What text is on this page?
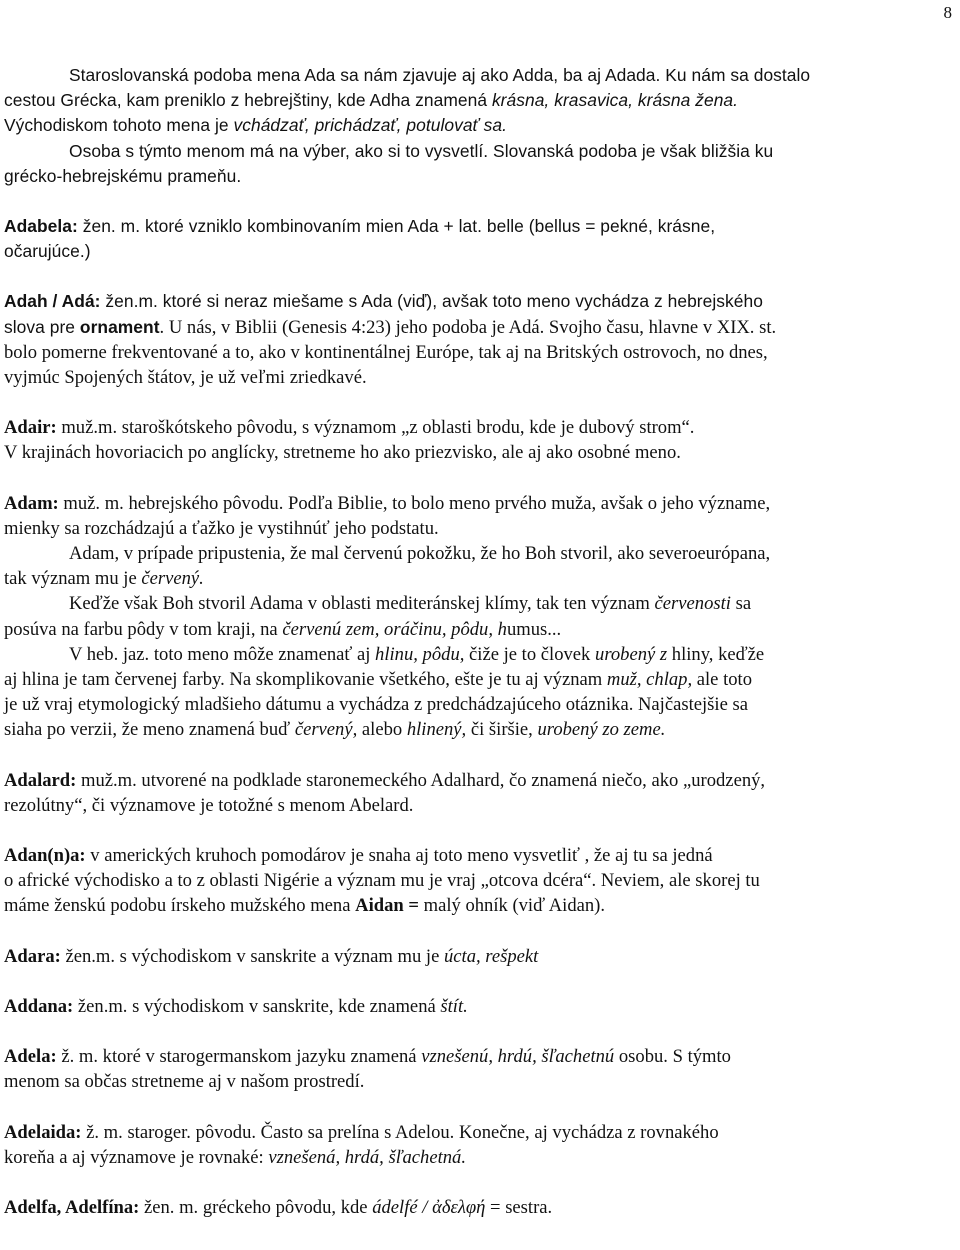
8
Staroslovanská podoba mena Ada sa nám zjavuje aj ako Adda, ba aj Adada. Ku nám sa dostalo
cestou Grécka, kam preniklo z hebrejštiny, kde Adha znamená krásna, krasavica, krásna žena.
Východiskom tohoto mena je vchádzať, prichádzať, potulovať sa.
Osoba s týmto menom má na výber, ako si to vysvetlí. Slovanská podoba je však bližšia ku
grécko-hebrejskému prameňu.
Adabela: žen. m. ktoré vzniklo kombinovaním mien Ada + lat. belle (bellus = pekné, krásne,
očarujúce.)
Adah / Adá: žen.m. ktoré si neraz miešame s Ada (viď), avšak toto meno vychádza z hebrejského
slova pre ornament. U nás, v Biblii (Genesis 4:23) jeho podoba je Adá. Svojho času, hlavne v XIX. st.
bolo pomerne frekventované a to, ako v kontinentálnej Európe, tak aj na Britských ostrovoch, no dnes,
vyjmúc Spojených štátov, je už veľmi zriedkavé.
Adair: muž.m. staroškótskeho pôvodu, s významom „z oblasti brodu, kde je dubový strom“.
V krajinách hovoriacich po anglícky, stretneme ho ako priezvisko, ale aj ako osobné meno.
Adam: muž. m. hebrejského pôvodu. Podľa Biblie, to bolo meno prvého muža, avšak o jeho význame,
mienky sa rozchádzajú a ťažko je vystihnúť jeho podstatu.
Adam, v prípade pripustenia, že mal červenú pokožku, že ho Boh stvoril, ako severoeurópana,
tak význam mu je červený.
Keďže však Boh stvoril Adama v oblasti mediteránskej klímy, tak ten význam červenosti sa
posúva na farbu pôdy v tom kraji, na červenú zem, oráčinu, pôdu, humus...
V heb. jaz. toto meno môže znamenať aj hlinu, pôdu, čiže je to človek urobený z hliny, keďže
aj hlina je tam červenej farby. Na skomplikovanie všetkého, ešte je tu aj význam muž, chlap, ale toto
je už vraj etymologický mladšieho dátumu a vychádza z predchádzajúceho otáznika. Najčastejšie sa
siaha po verzii, že meno znamená buď červený, alebo hlinený, či širšie, urobený zo zeme.
Adalard: muž.m. utvorené na podklade staronemeckého Adalhard, čo znamená niečo, ako „urodzený,
rezolútny“, či významove je totožné s menom Abelard.
Adan(n)a: v amerických kruhoch pomodárov je snaha aj toto meno vysvetliť , že aj tu sa jedná
o africké východisko a to z oblasti Nigérie a význam mu je vraj „otcova dcéra“. Neviem, ale skorej tu
máme ženskú podobu írskeho mužského mena Aidan = malý ohník (viď Aidan).
Adara: žen.m. s východiskom v sanskrite a význam mu je úcta, rešpekt
Addana: žen.m. s východiskom v sanskrite, kde znamená štít.
Adela: ž. m. ktoré v starogermanskom jazyku znamená vznešenú, hrdú, šľachetnú osobu. S týmto
menom sa občas stretneme aj v našom prostredí.
Adelaida: ž. m. staroger. pôvodu. Často sa prelína s Adelou. Konečne, aj vychádza z rovnakého
koreňa a aj významove je rovnaké: vznešená, hrdá, šľachetná.
Adelfa, Adelfína: žen. m. gréckeho pôvodu, kde ádelfé / ἀδελφή = sestra.
